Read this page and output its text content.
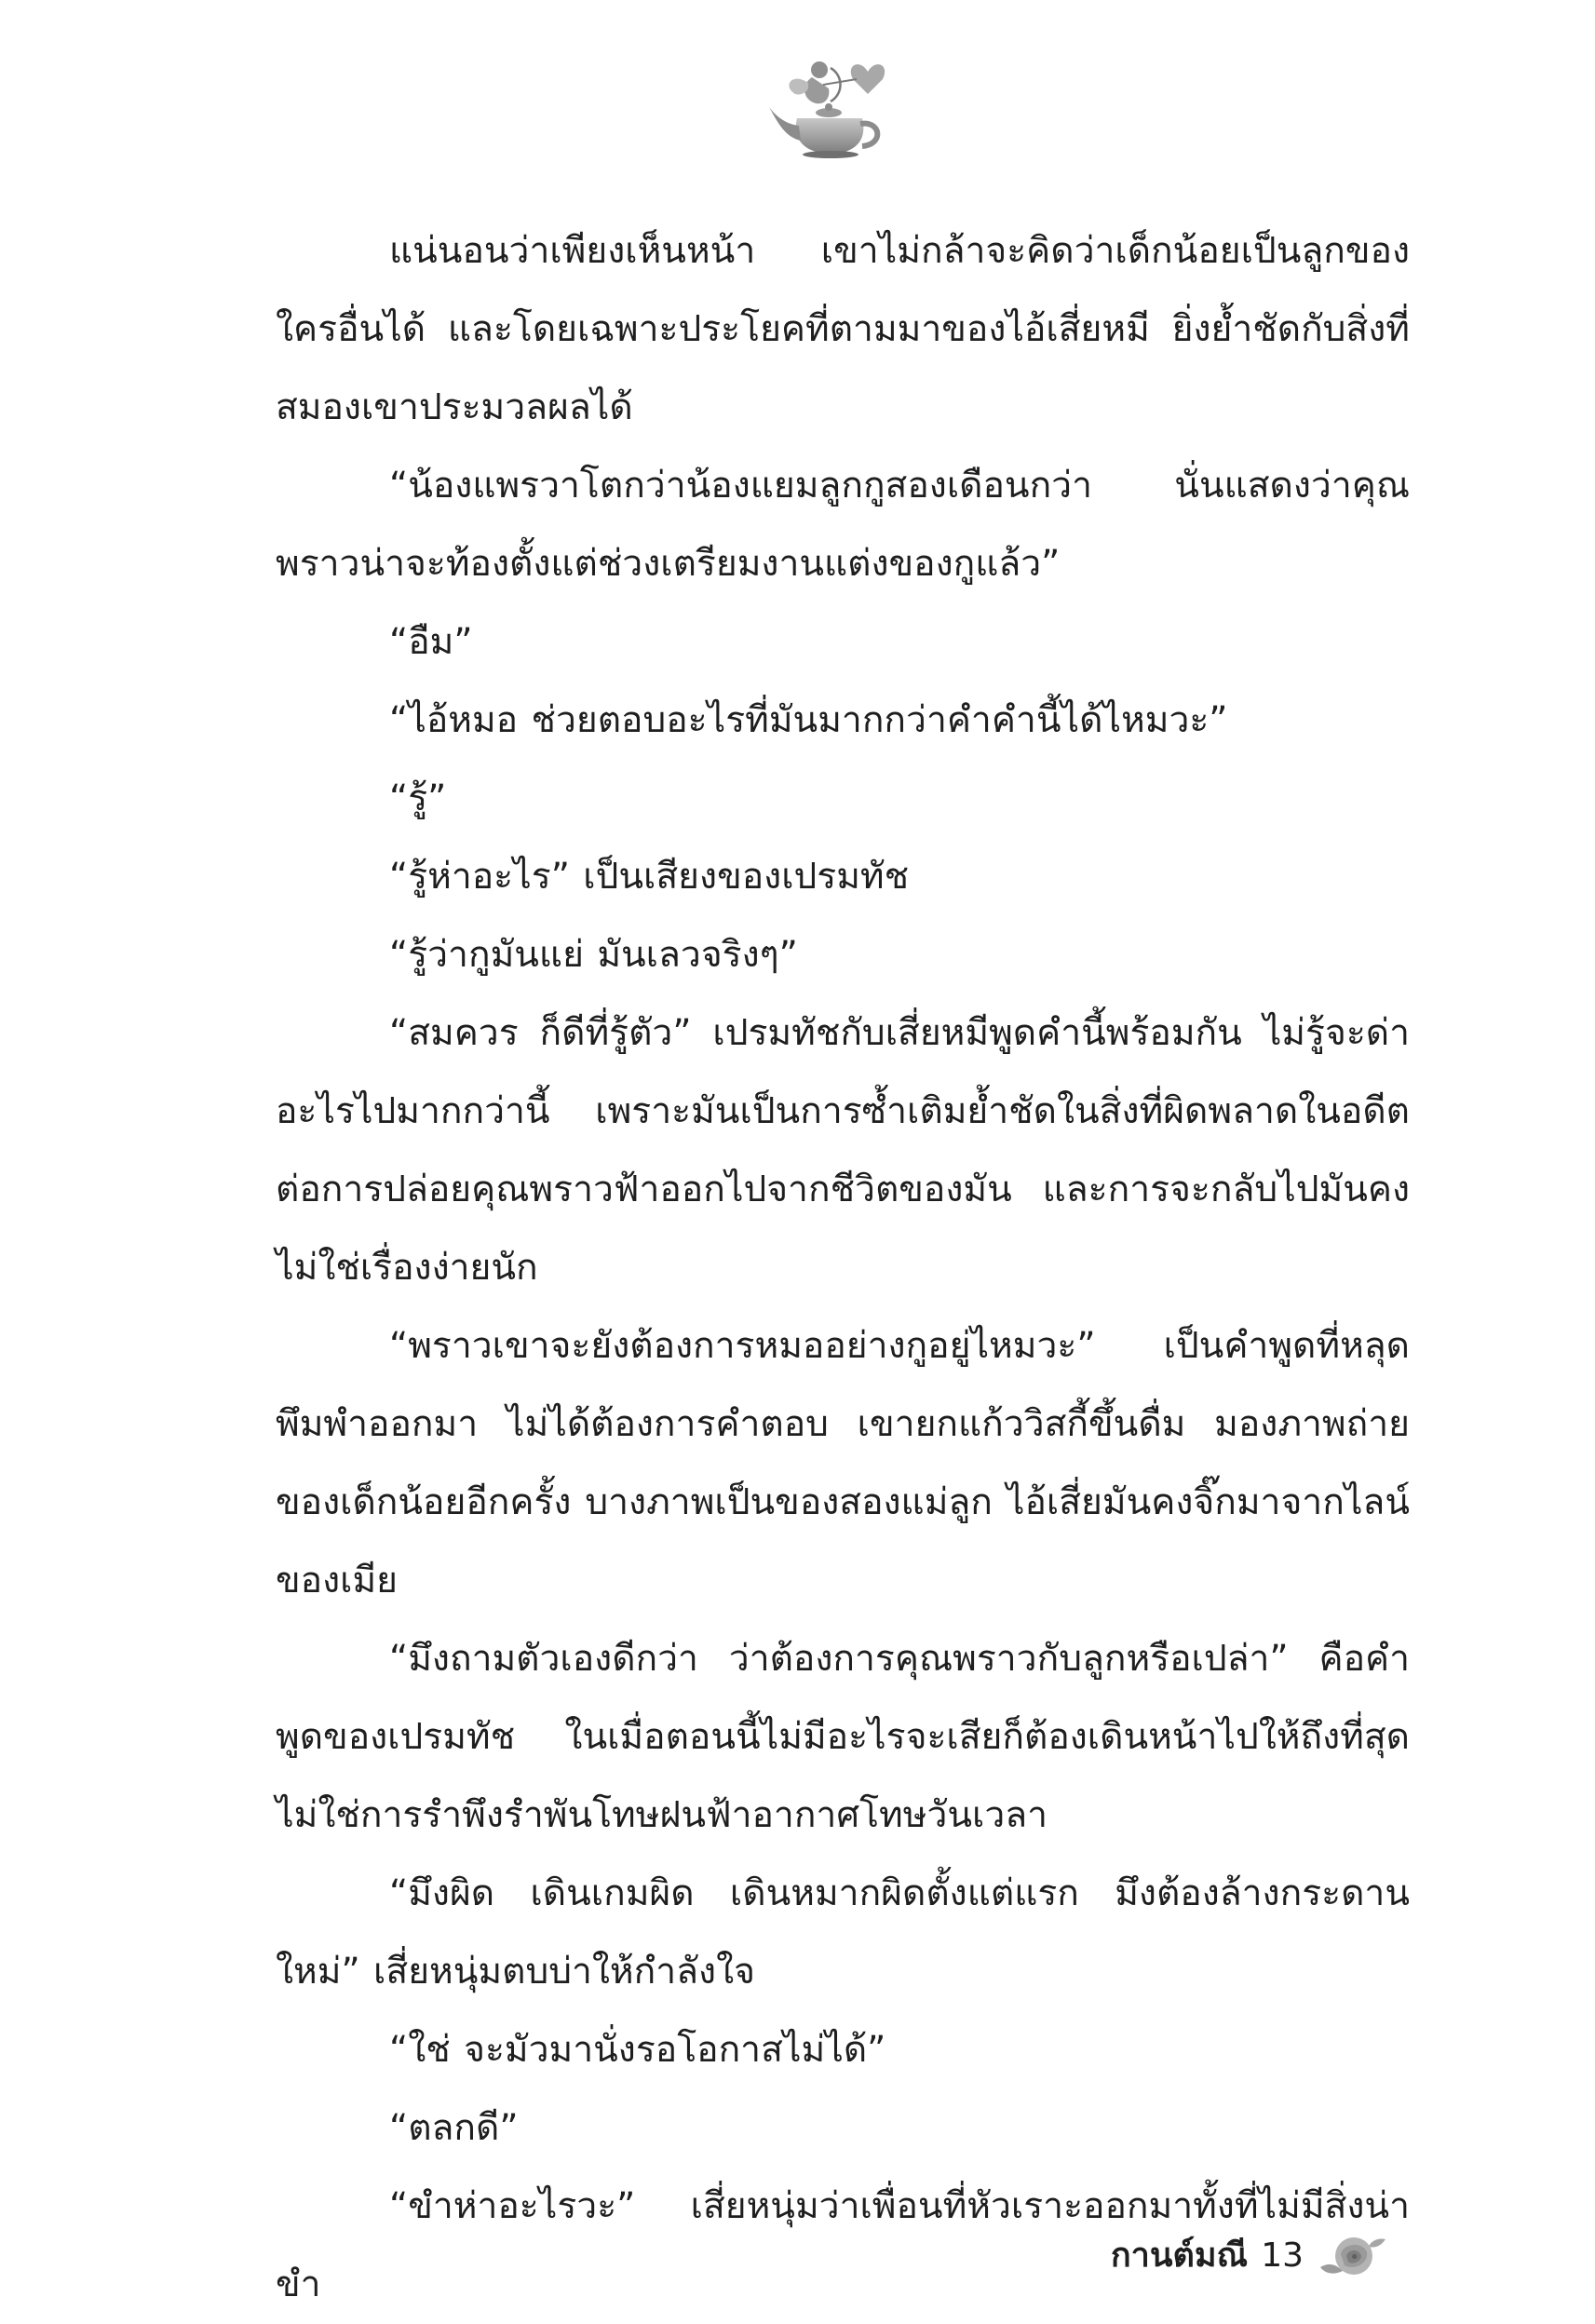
แน่นอนว่าเพียงเห็นหน้า เขาไม่กล้าจะคิดว่าเด็กน้อยเป็นลูกของใครอื่นได้ และโดยเฉพาะประโยคที่ตามมาของไอ้เสี่ยหมี ยิ่งย้ำชัดกับสิ่งที่สมองเขาประมวลผลได้

“น้องแพรวาโตกว่าน้องแยมลูกกูสองเดือนกว่า นั่นแสดงว่าคุณพราวน่าจะท้องตั้งแต่ช่วงเตรียมงานแต่งของกูแล้ว”

“อืม”

“ไอ้หมอ ช่วยตอบอะไรที่มันมากกว่าคำคำนี้ได้ไหมวะ”

“รู้”

“รู้ห่าอะไร” เป็นเสียงของเปรมทัช

“รู้ว่ากูมันแย่ มันเลวจริงๆ”

“สมควร ก็ดีที่รู้ตัว” เปรมทัชกับเสี่ยหมีพูดคำนี้พร้อมกัน ไม่รู้จะด่าอะไรไปมากกว่านี้ เพราะมันเป็นการซ้ำเติมย้ำชัดในสิ่งที่ผิดพลาดในอดีตต่อการปล่อยคุณพราวฟ้าออกไปจากชีวิตของมัน และการจะกลับไปมันคงไม่ใช่เรื่องง่ายนัก

“พราวเขาจะยังต้องการหมออย่างกูอยู่ไหมวะ” เป็นคำพูดที่หลุดพึมพำออกมา ไม่ได้ต้องการคำตอบ เขายกแก้ววิสกี้ขึ้นดื่ม มองภาพถ่ายของเด็กน้อยอีกครั้ง บางภาพเป็นของสองแม่ลูก ไอ้เสี่ยมันคงจิ๊กมาจากไลน์ของเมีย

“มึงถามตัวเองดีกว่า ว่าต้องการคุณพราวกับลูกหรือเปล่า” คือคำพูดของเปรมทัช ในเมื่อตอนนี้ไม่มีอะไรจะเสียก็ต้องเดินหน้าไปให้ถึงที่สุด ไม่ใช่การรำพึงรำพันโทษฝนฟ้าอากาศโทษวันเวลา

“มึงผิด เดินเกมผิด เดินหมากผิดตั้งแต่แรก มึงต้องล้างกระดานใหม่” เสี่ยหนุ่มตบบ่าให้กำลังใจ

“ใช่ จะมัวมานั่งรอโอกาสไม่ได้”

“ตลกดี”

“ขำห่าอะไรวะ” เสี่ยหนุ่มว่าเพื่อนที่หัวเราะออกมาทั้งที่ไม่มีสิ่งน่าขำ

กานต์มณี 13
